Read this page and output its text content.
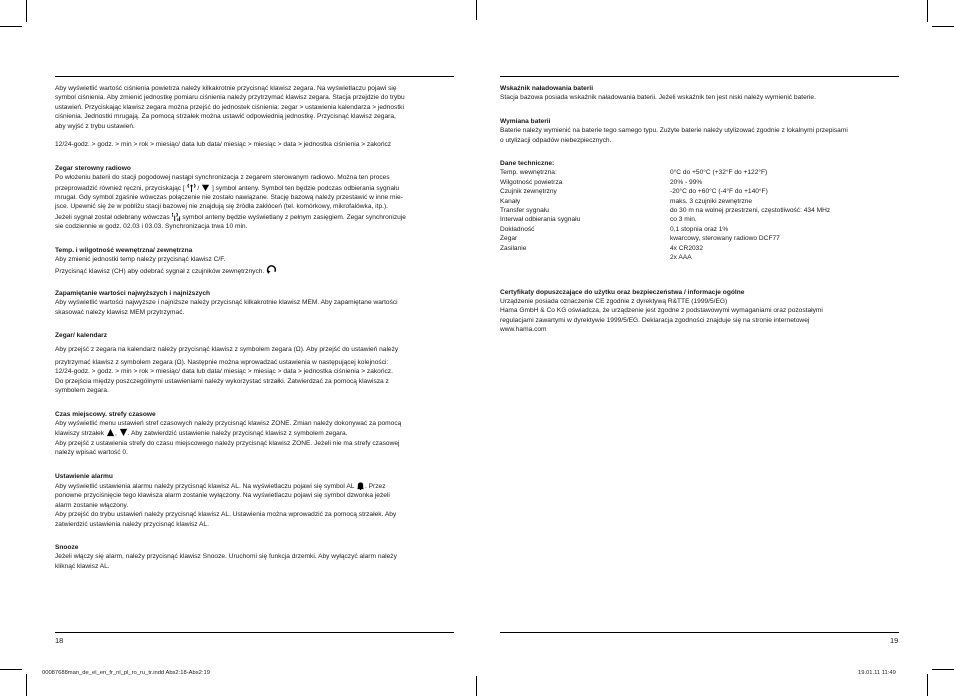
Aby wyświetlić wartość ciśnienia powietrza należy kilkakrotnie przycisnąć klawisz zegara. Na wyświetlaczu pojawi się
symbol ciśnienia. Aby zmienić jednostkę pomiaru ciśnienia należy przytrzymać klawisz zegara. Stacja przejdzie do trybu
ustawień. Przyciskając klawisz zegara można przejść do jednostek ciśnienia: zegar > ustawienia kalendarza > jednostki
ciśnienia. Jednostki mrugają. Za pomocą strzałek można ustawić odpowiednią jednostkę. Przycisnąć klawisz zegara,
aby wyjść z trybu ustawień.
12/24-godz. > godz. > min > rok > miesiąc/ data lub data/ miesiąc > miesiąc > data > jednostka ciśnienia > zakończ
Zegar sterowny radiowo
Po włożeniu baterii do stacji pogodowej nastąpi synchronizacja z zegarem sterowanym radiowo. Można ten proces
przeprowadzić również ręczni, przyciskając [ / ] symbol anteny. Symbol ten będzie podczas odbierania sygnału
mrugał. Gdy symbol zgaśnie wówczas połączenie nie zostało nawiązane. Stację bazową należy przestawić w inne mie-
jsce. Upewnić się że w pobliżu stacji bazowej nie znajdują się źródła zakłóceń (tel. komórkowy, mikrofalówka, itp.).
Jeżeli sygnał został odebrany wówczas symbol anteny będzie wyświetlany z pełnym zasięgiem. Zegar synchronizuje
sie codziennie w godz. 02.03 i 03.03. Synchronizacja trwa 10 min.
Temp. i wilgotność wewnętrzna/ zewnętrzna
Aby zmienić jednostki temp należy przycisnąć klawisz C/F.
Przycisnąć klawisz (CH) aby odebrać sygnał z czujników zewnętrznych.
Zapamiętanie wartości najwyższych i najniższych
Aby wyświetlić wartości najwyższe i najniższe należy przycisnąć kilkakrotnie klawisz MEM. Aby zapamiętane wartości
skasować należy klawisz MEM przytrzymać.
Zegar/ kalendarz
Aby przejść z zegara na kalendarz należy przycisnąć klawisz z symbolem zegara (Ω). Aby przejść do ustawień należy
przytrzymać klawisz z symbolem zegara (Ω). Następnie można wprowadzać ustawienia w następującej kolejności:
12/24-godz. > godz. > min > rok > miesiąc/ data lub data/ miesiąc > miesiąc > data > jednostka ciśnienia > zakończ.
Do przejścia między poszczególnymi ustawieniami należy wykorzystać strzałki. Zatwierdzać za pomocą klawisza z
symbolem zegara.
Czas miejscowy. strefy czasowe
Aby wyświetlić menu ustawień stref czasowych należy przycisnąć klawisz ZONE. Zmian należy dokonywać za pomocą
klawiszy strzałek , . Aby zatwierdzić ustawienie należy przycisnąć klawisz z symbolem zegara.
Aby przejść z ustawienia strefy do czasu miejscowego należy przycisnąć klawisz ZONE. Jeżeli nie ma strefy czasowej
należy wpisać wartość 0.
Ustawienie alarmu
Aby wyświetlić ustawienia alarmu należy przycisnąć klawisz AL. Na wyświetlaczu pojawi się symbol AL . Przez
ponowne przyciśnięcie tego klawisza alarm zostanie wyłączony. Na wyświetlaczu pojawi się symbol dzwonka jeżeli
alarm zostanie włączony.
Aby przejść do trybu ustawień należy przycisnąć klawisz AL. Ustawienia można wprowadzić za pomocą strzałek. Aby
zatwierdzić ustawienia należy przycisnąć klawisz AL.
Snooze
Jeżeli włączy się alarm, należy przycisnąć klawisz Snooze. Uruchomi się funkcja drzemki. Aby wyłączyć alarm należy
kliknąć klawisz AL.
Wskaźnik naładowania baterii
Stacja bazowa posiada wskaźnik naładowania baterii. Jeżeli wskaźnik ten jest niski należy wymienić baterie.
Wymiana baterii
Baterie należy wymienić na baterie tego samego typu. Zużyte baterie należy utylizować zgodnie z lokalnymi przepisami
o utylizacji odpadów niebezpiecznych.
Dane techniczne:
Temp. wewnętrzna:	0°C do +50°C (+32°F do +122°F)
Wilgotność powietrza	20% - 99%
Czujnik zewnętrzny	-20°C do +60°C (-4°F do +140°F)
Kanały	maks. 3 czujniki zewnętrzne
Transfer sygnału	do 30 m na wolnej przestrzeni, częstotliwość: 434 MHz
Interwał odbierania sygnału	co 3 min.
Dokładność	0,1 stopnia oraz 1%
Zegar	kwarcowy, sterowany radiowo DCF77
Zasilanie	4x CR2032
2x AAA
Certyfikaty dopuszczające do użytku oraz bezpieczeństwa / informacje ogólne
Urządzenie posiada oznaczenie CE zgodnie z dyrektywą R&TTE (1999/5/EG)
Hama GmbH & Co KG oświadcza, że urządzenie jest zgodne z podstawowymi wymaganiami oraz pozostałymi
regulacjami zawartymi w dyrektywie 1999/5/EG. Deklaracja zgodności znajduje się na stronie internetowej
www.hama.com
18	19
00087688man_de_el_en_fr_nl_pl_ro_ru_tr.indd Abs2:18-Abs2:19	19.01.11 11:49
